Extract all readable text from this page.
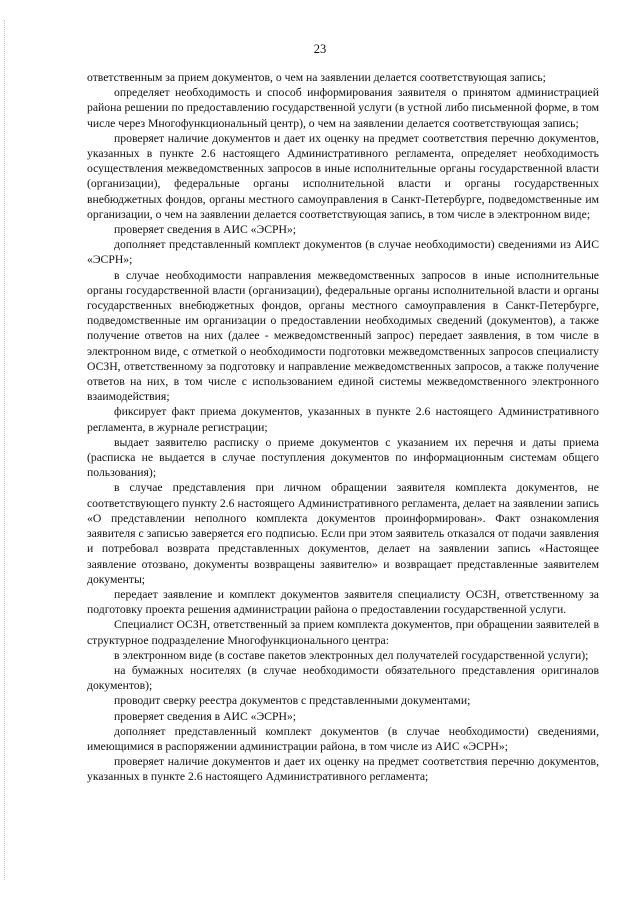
23

ответственным за прием документов, о чем на заявлении делается соответствующая запись;

определяет необходимость и способ информирования заявителя о принятом администрацией района решении по предоставлению государственной услуги (в устной либо письменной форме, в том числе через Многофункциональный центр), о чем на заявлении делается соответствующая запись;

проверяет наличие документов и дает их оценку на предмет соответствия перечню документов, указанных в пункте 2.6 настоящего Административного регламента, определяет необходимость осуществления межведомственных запросов в иные исполнительные органы государственной власти (организации), федеральные органы исполнительной власти и органы государственных внебюджетных фондов, органы местного самоуправления в Санкт-Петербурге, подведомственные им организации, о чем на заявлении делается соответствующая запись, в том числе в электронном виде;

проверяет сведения в АИС «ЭСРН»;

дополняет представленный комплект документов (в случае необходимости) сведениями из АИС «ЭСРН»;

в случае необходимости направления межведомственных запросов в иные исполнительные органы государственной власти (организации), федеральные органы исполнительной власти и органы государственных внебюджетных фондов, органы местного самоуправления в Санкт-Петербурге, подведомственные им организации о предоставлении необходимых сведений (документов), а также получение ответов на них (далее - межведомственный запрос) передает заявления, в том числе в электронном виде, с отметкой о необходимости подготовки межведомственных запросов специалисту ОСЗН, ответственному за подготовку и направление межведомственных запросов, а также получение ответов на них, в том числе с использованием единой системы межведомственного электронного взаимодействия;

фиксирует факт приема документов, указанных в пункте 2.6 настоящего Административного регламента, в журнале регистрации;

выдает заявителю расписку о приеме документов с указанием их перечня и даты приема (расписка не выдается в случае поступления документов по информационным системам общего пользования);

в случае представления при личном обращении заявителя комплекта документов, не соответствующего пункту 2.6 настоящего Административного регламента, делает на заявлении запись «О представлении неполного комплекта документов проинформирован». Факт ознакомления заявителя с записью заверяется его подписью. Если при этом заявитель отказался от подачи заявления и потребовал возврата представленных документов, делает на заявлении запись «Настоящее заявление отозвано, документы возвращены заявителю» и возвращает представленные заявителем документы;

передает заявление и комплект документов заявителя специалисту ОСЗН, ответственному за подготовку проекта решения администрации района о предоставлении государственной услуги.

Специалист ОСЗН, ответственный за прием комплекта документов, при обращении заявителей в структурное подразделение Многофункционального центра:

в электронном виде (в составе пакетов электронных дел получателей государственной услуги);

на бумажных носителях (в случае необходимости обязательного представления оригиналов документов);

проводит сверку реестра документов с представленными документами;

проверяет сведения в АИС «ЭСРН»;

дополняет представленный комплект документов (в случае необходимости) сведениями, имеющимися в распоряжении администрации района, в том числе из АИС «ЭСРН»;

проверяет наличие документов и дает их оценку на предмет соответствия перечню документов, указанных в пункте 2.6 настоящего Административного регламента;
